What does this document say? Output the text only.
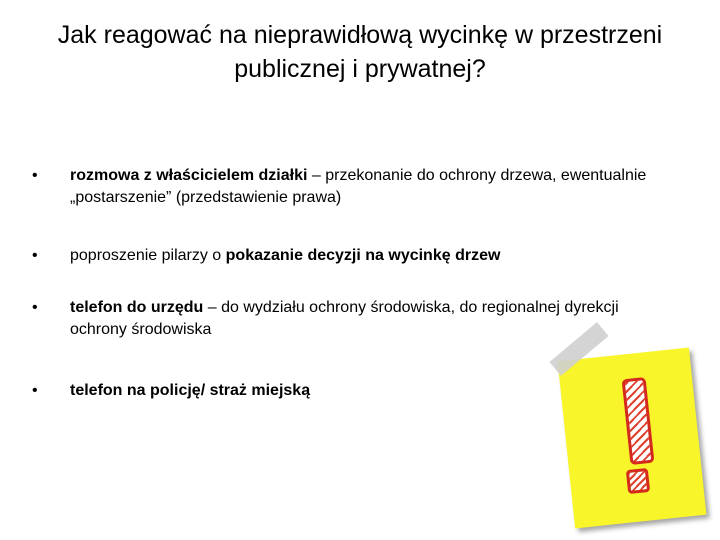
Jak reagować na nieprawidłową wycinkę w przestrzeni publicznej i prywatnej?
•	rozmowa z właścicielem działki – przekonanie do ochrony drzewa, ewentualnie „postarszenie” (przedstawienie prawa)
•	poproszenie pilarzy o pokazanie decyzji na wycinkę drzew
•	telefon do urzędu – do wydziału ochrony środowiska, do regionalnej dyrekcji ochrony środowiska
•	telefon na policję/ straż miejską
